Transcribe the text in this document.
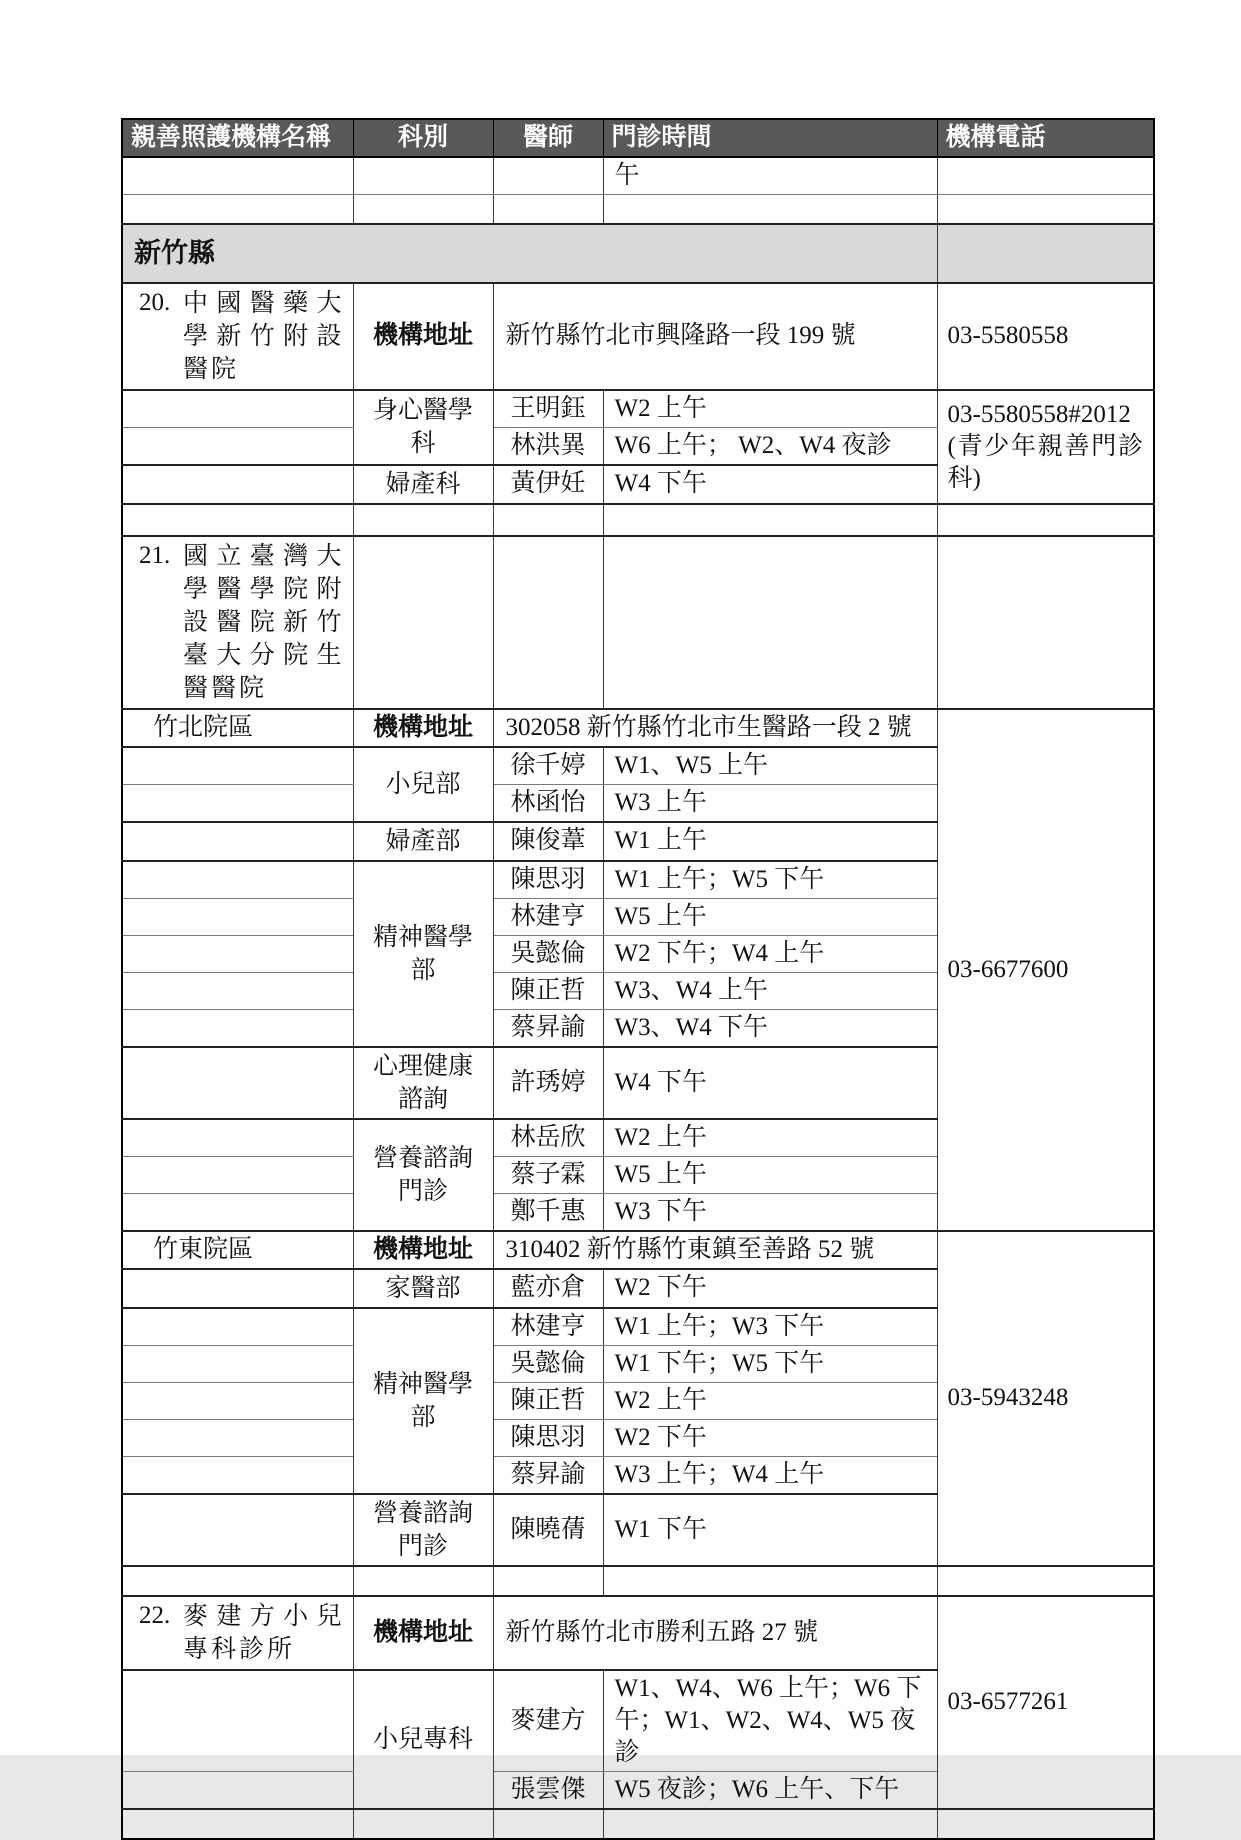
親善照護機構名稱	科別	醫師	門診時間	機構電話
			午	

新竹縣				

20. 中國醫藥大學新竹附設醫院	機構地址	新竹縣竹北市興隆路一段 199 號		03-5580558
	身心醫學科	王明鈺	W2 上午	03-5580558#2012 (青少年親善門診科)
		林洪異	W6 上午； W2、W4 夜診	
	婦產科	黃伊妊	W4 下午	

21. 國立臺灣大學醫學院附設醫院新竹臺大分院生醫醫院				

竹北院區	機構地址	302058 新竹縣竹北市生醫路一段 2 號		03-6677600
	小兒部	徐千婷	W1、W5 上午	
		林函怡	W3 上午	
	婦產部	陳俊葦	W1 上午	
	精神醫學部	陳思羽	W1 上午；W5 下午	
		林建亨	W5 上午	
		吳懿倫	W2 下午；W4 上午	
		陳正哲	W3、W4 上午	
		蔡昇諭	W3、W4 下午	
	心理健康諮詢	許琇婷	W4 下午	
	營養諮詢門診	林岳欣	W2 上午	
		蔡子霖	W5 上午	
		鄭千惠	W3 下午	
竹東院區	機構地址	310402 新竹縣竹東鎮至善路 52 號		03-5943248
	家醫部	藍亦倉	W2 下午	
	精神醫學部	林建亨	W1 上午；W3 下午	
		吳懿倫	W1 下午；W5 下午	
		陳正哲	W2 上午	
		陳思羽	W2 下午	
		蔡昇諭	W3 上午；W4 上午	
	營養諮詢門診	陳曉蒨	W1 下午	

22. 麥建方小兒專科診所	機構地址	新竹縣竹北市勝利五路 27 號		03-6577261
	小兒專科	麥建方	W1、W4、W6 上午；W6 下午；W1、W2、W4、W5 夜診	
		張雲傑	W5 夜診；W6 上午、下午	
